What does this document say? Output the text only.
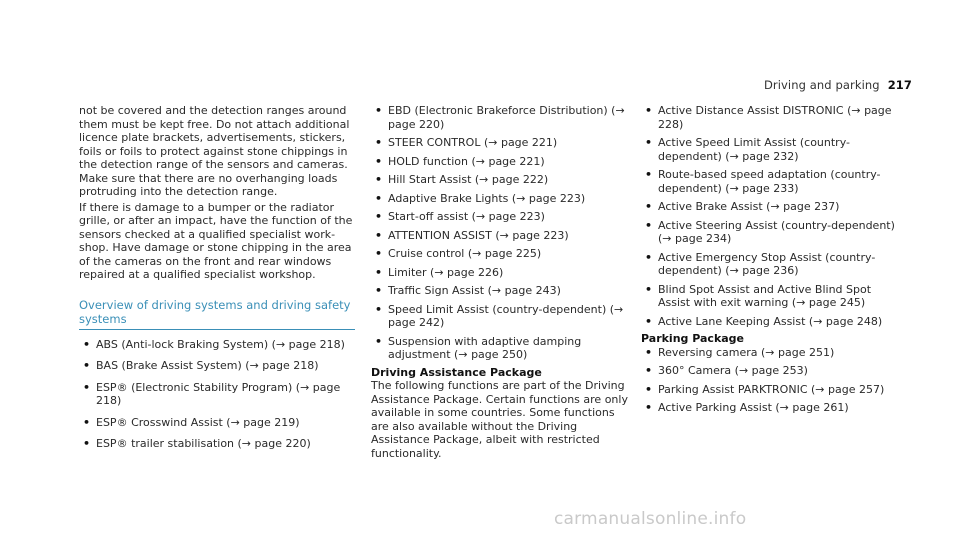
Driving and parking 217

not be covered and the detection ranges around them must be kept free. Do not attach additional licence plate brackets, advertisements, stickers, foils or foils to protect against stone chippings in the detection range of the sensors and cameras. Make sure that there are no overhanging loads protruding into the detection range.

If there is damage to a bumper or the radiator grille, or after an impact, have the function of the sensors checked at a qualified specialist work-shop. Have damage or stone chipping in the area of the cameras on the front and rear windows repaired at a qualified specialist workshop.

Overview of driving systems and driving safety systems
• ABS (Anti-lock Braking System) (→ page 218)
• BAS (Brake Assist System) (→ page 218)
• ESP® (Electronic Stability Program) (→ page 218)
• ESP® Crosswind Assist (→ page 219)
• ESP® trailer stabilisation (→ page 220)
• EBD (Electronic Brakeforce Distribution) (→ page 220)
• STEER CONTROL (→ page 221)
• HOLD function (→ page 221)
• Hill Start Assist (→ page 222)
• Adaptive Brake Lights (→ page 223)
• Start-off assist (→ page 223)
• ATTENTION ASSIST (→ page 223)
• Cruise control (→ page 225)
• Limiter (→ page 226)
• Traffic Sign Assist (→ page 243)
• Speed Limit Assist (country-dependent) (→ page 242)
• Suspension with adaptive damping adjustment (→ page 250)
Driving Assistance Package

The following functions are part of the Driving Assistance Package. Certain functions are only available in some countries. Some functions are also available without the Driving Assistance Package, albeit with restricted functionality.

• Active Distance Assist DISTRONIC (→ page 228)
• Active Speed Limit Assist (country-dependent) (→ page 232)
• Route-based speed adaptation (country-dependent) (→ page 233)
• Active Brake Assist (→ page 237)
• Active Steering Assist (country-dependent) (→ page 234)
• Active Emergency Stop Assist (country-dependent) (→ page 236)
• Blind Spot Assist and Active Blind Spot Assist with exit warning (→ page 245)
• Active Lane Keeping Assist (→ page 248)
Parking Package
• Reversing camera (→ page 251)
• 360° Camera (→ page 253)
• Parking Assist PARKTRONIC (→ page 257)
• Active Parking Assist (→ page 261)
carmanualsonline.info
